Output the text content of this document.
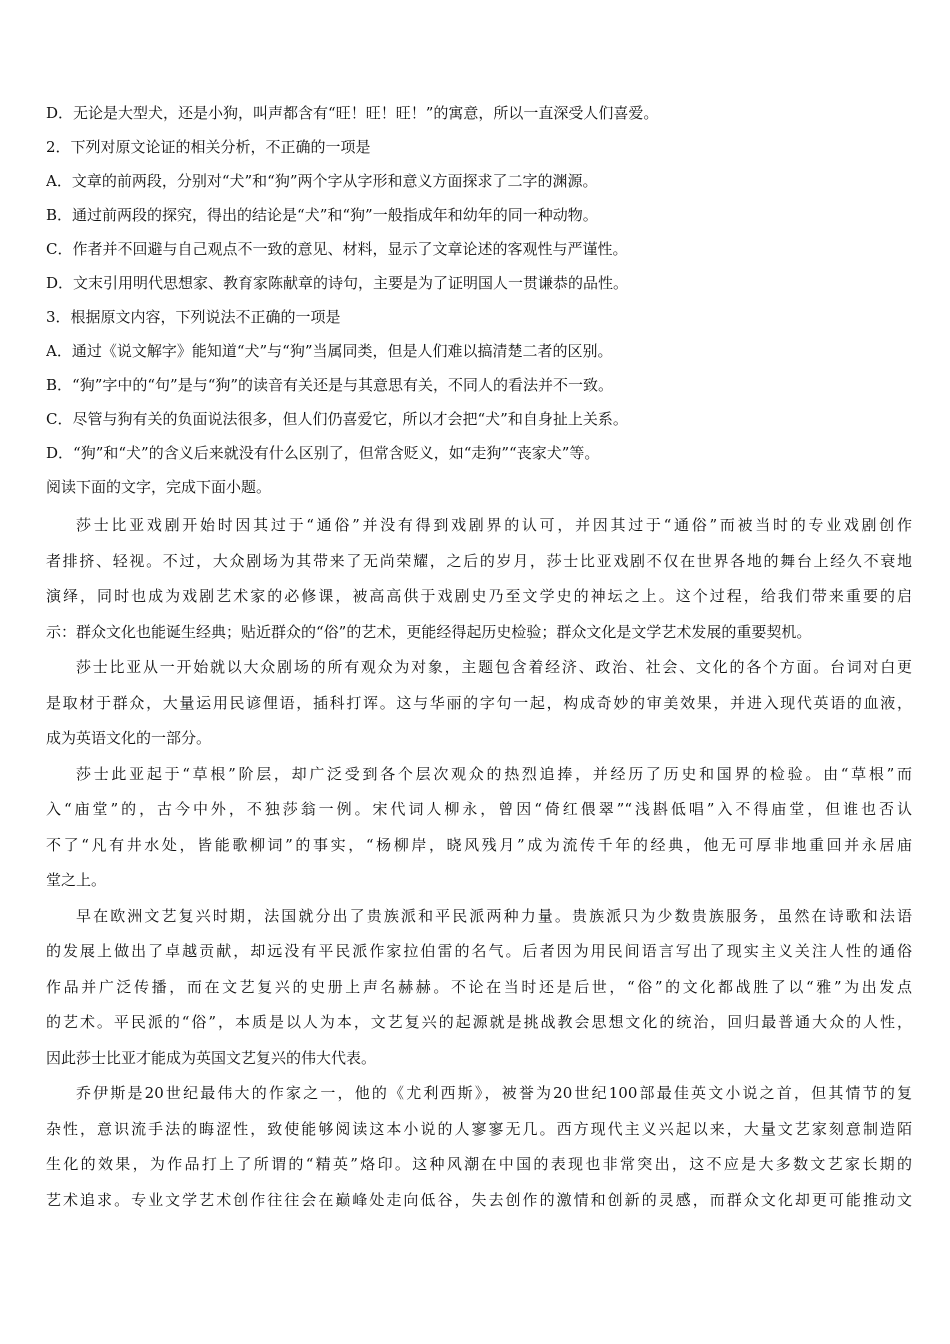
D．无论是大型犬，还是小狗，叫声都含有“旺！旺！旺！”的寓意，所以一直深受人们喜爱。
2．下列对原文论证的相关分析，不正确的一项是
A．文章的前两段，分别对“犬”和“狗”两个字从字形和意义方面探求了二字的渊源。
B．通过前两段的探究，得出的结论是“犬”和“狗”一般指成年和幼年的同一种动物。
C．作者并不回避与自己观点不一致的意见、材料，显示了文章论述的客观性与严谨性。
D．文末引用明代思想家、教育家陈献章的诗句，主要是为了证明国人一贯谦恭的品性。
3．根据原文内容，下列说法不正确的一项是
A．通过《说文解字》能知道“犬”与“狗”当属同类，但是人们难以搞清楚二者的区别。
B．“狗”字中的“句”是与“狗”的读音有关还是与其意思有关，不同人的看法并不一致。
C．尽管与狗有关的负面说法很多，但人们仍喜爱它，所以才会把“犬”和自身扯上关系。
D．“狗”和“犬”的含义后来就没有什么区别了，但常含贬义，如“走狗”“丧家犬”等。
阅读下面的文字，完成下面小题。
莎士比亚戏剧开始时因其过于“通俗”并没有得到戏剧界的认可，并因其过于“通俗”而被当时的专业戏剧创作
者排挤、轻视。不过，大众剧场为其带来了无尚荣耀，之后的岁月，莎士比亚戏剧不仅在世界各地的舞台上经久不衰地
演绎，同时也成为戏剧艺术家的必修课，被高高供于戏剧史乃至文学史的神坛之上。这个过程，给我们带来重要的启
示：群众文化也能诞生经典；贴近群众的“俗”的艺术，更能经得起历史检验；群众文化是文学艺术发展的重要契机。
莎士比亚从一开始就以大众剧场的所有观众为对象，主题包含着经济、政治、社会、文化的各个方面。台词对白更
是取材于群众，大量运用民谚俚语，插科打诨。这与华丽的字句一起，构成奇妙的审美效果，并进入现代英语的血液，
成为英语文化的一部分。
莎士此亚起于“草根”阶层，却广泛受到各个层次观众的热烈追捧，并经历了历史和国界的检验。由“草根”而
入“庙堂”的，古今中外，不独莎翁一例。宋代词人柳永，曾因“倚红偎翠”“浅斟低唱”入不得庙堂，但谁也否认
不了“凡有井水处，皆能歌柳词”的事实，“杨柳岸，晓风残月”成为流传千年的经典，他无可厚非地重回并永居庙
堂之上。
早在欧洲文艺复兴时期，法国就分出了贵族派和平民派两种力量。贵族派只为少数贵族服务，虽然在诗歌和法语
的发展上做出了卓越贡献，却远没有平民派作家拉伯雷的名气。后者因为用民间语言写出了现实主义关注人性的通俗
作品并广泛传播，而在文艺复兴的史册上声名赫赫。不论在当时还是后世，“俗”的文化都战胜了以“雅”为出发点
的艺术。平民派的“俗”，本质是以人为本，文艺复兴的起源就是挑战教会思想文化的统治，回归最普通大众的人性，
因此莎士比亚才能成为英国文艺复兴的伟大代表。
乔伊斯是20世纪最伟大的作家之一，他的《尤利西斯》，被誉为20世纪100部最佳英文小说之首，但其情节的复
杂性，意识流手法的晦涩性，致使能够阅读这本小说的人寥寥无几。西方现代主义兴起以来，大量文艺家刻意制造陌
生化的效果，为作品打上了所谓的“精英”烙印。这种风潮在中国的表现也非常突出，这不应是大多数文艺家长期的
艺术追求。专业文学艺术创作往往会在巅峰处走向低谷，失去创作的激情和创新的灵感，而群众文化却更可能推动文
